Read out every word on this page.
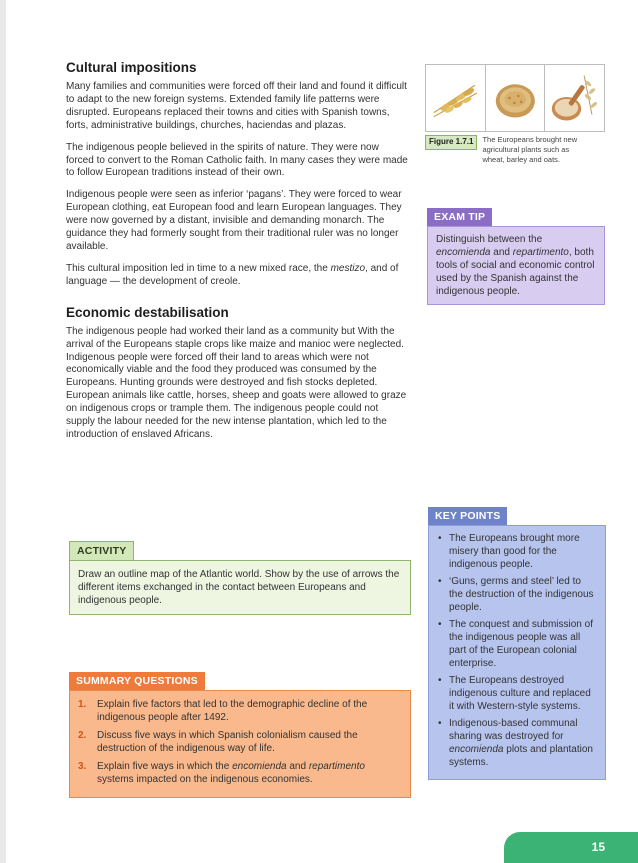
Cultural impositions

Many families and communities were forced off their land and found it difficult to adapt to the new foreign systems. Extended family life patterns were disrupted. Europeans replaced their towns and cities with Spanish towns, forts, administrative buildings, churches, haciendas and plazas.

The indigenous people believed in the spirits of nature. They were now forced to convert to the Roman Catholic faith. In many cases they were made to follow European traditions instead of their own.

Indigenous people were seen as inferior ‘pagans’. They were forced to wear European clothing, eat European food and learn European languages. They were now governed by a distant, invisible and demanding monarch. The guidance they had formerly sought from their traditional ruler was no longer available.

This cultural imposition led in time to a new mixed race, the mestizo, and of language — the development of creole.

Economic destabilisation

The indigenous people had worked their land as a community but With the arrival of the Europeans staple crops like maize and manioc were neglected. Indigenous people were forced off their land to areas which were not economically viable and the food they produced was consumed by the Europeans. Hunting grounds were destroyed and fish stocks depleted. European animals like cattle, horses, sheep and goats were allowed to graze on indigenous crops or trample them. The indigenous people could not supply the labour needed for the new intense plantation, which led to the introduction of enslaved Africans.

Figure 1.7.1	The Europeans brought new agricultural plants such as wheat, barley and oats.
EXAM TIP
Distinguish between the encomienda and repartimento, both tools of social and economic control used by the Spanish against the indigenous people.
KEY POINTS
• The Europeans brought more misery than good for the indigenous people.
• ‘Guns, germs and steel’ led to the destruction of the indigenous people.
• The conquest and submission of the indigenous people was all part of the European colonial enterprise.
• The Europeans destroyed indigenous culture and replaced it with Western-style systems.
• Indigenous-based communal sharing was destroyed for encomienda plots and plantation systems.
ACTIVITY
Draw an outline map of the Atlantic world. Show by the use of arrows the different items exchanged in the contact between Europeans and indigenous people.
SUMMARY QUESTIONS
1. Explain five factors that led to the demographic decline of the indigenous people after 1492.
2. Discuss five ways in which Spanish colonialism caused the destruction of the indigenous way of life.
3. Explain five ways in which the encomienda and repartimento systems impacted on the indigenous economies.
15
